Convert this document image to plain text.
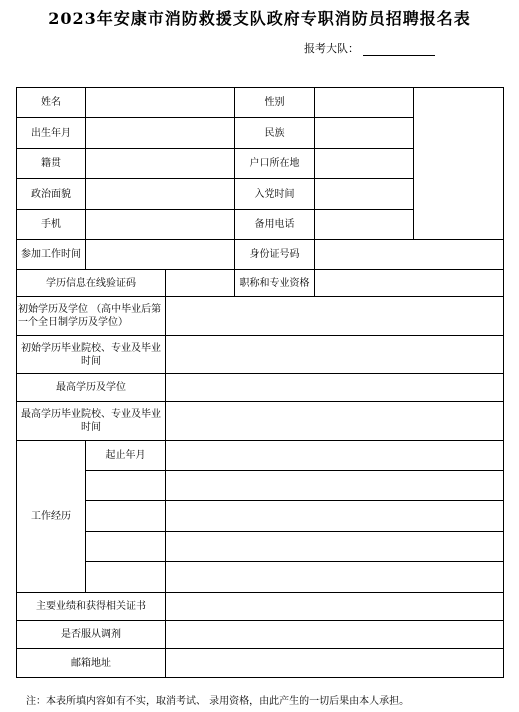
2023年安康市消防救援支队政府专职消防员招聘报名表
报考大队：
姓名	性别
出生年月	民族
籍贯	户口所在地
政治面貌	入党时间
手机	备用电话
参加工作时间	身份证号码
学历信息在线验证码	职称和专业资格
初始学历及学位 （高中毕业后第一个全日制学历及学位）
初始学历毕业院校、专业及毕业时间
最高学历及学位
最高学历毕业院校、专业及毕业时间
工作经历
起止年月
主要业绩和获得相关证书
是否服从调剂
邮箱地址
注：本表所填内容如有不实，取消考试、 录用资格，由此产生的一切后果由本人承担。
